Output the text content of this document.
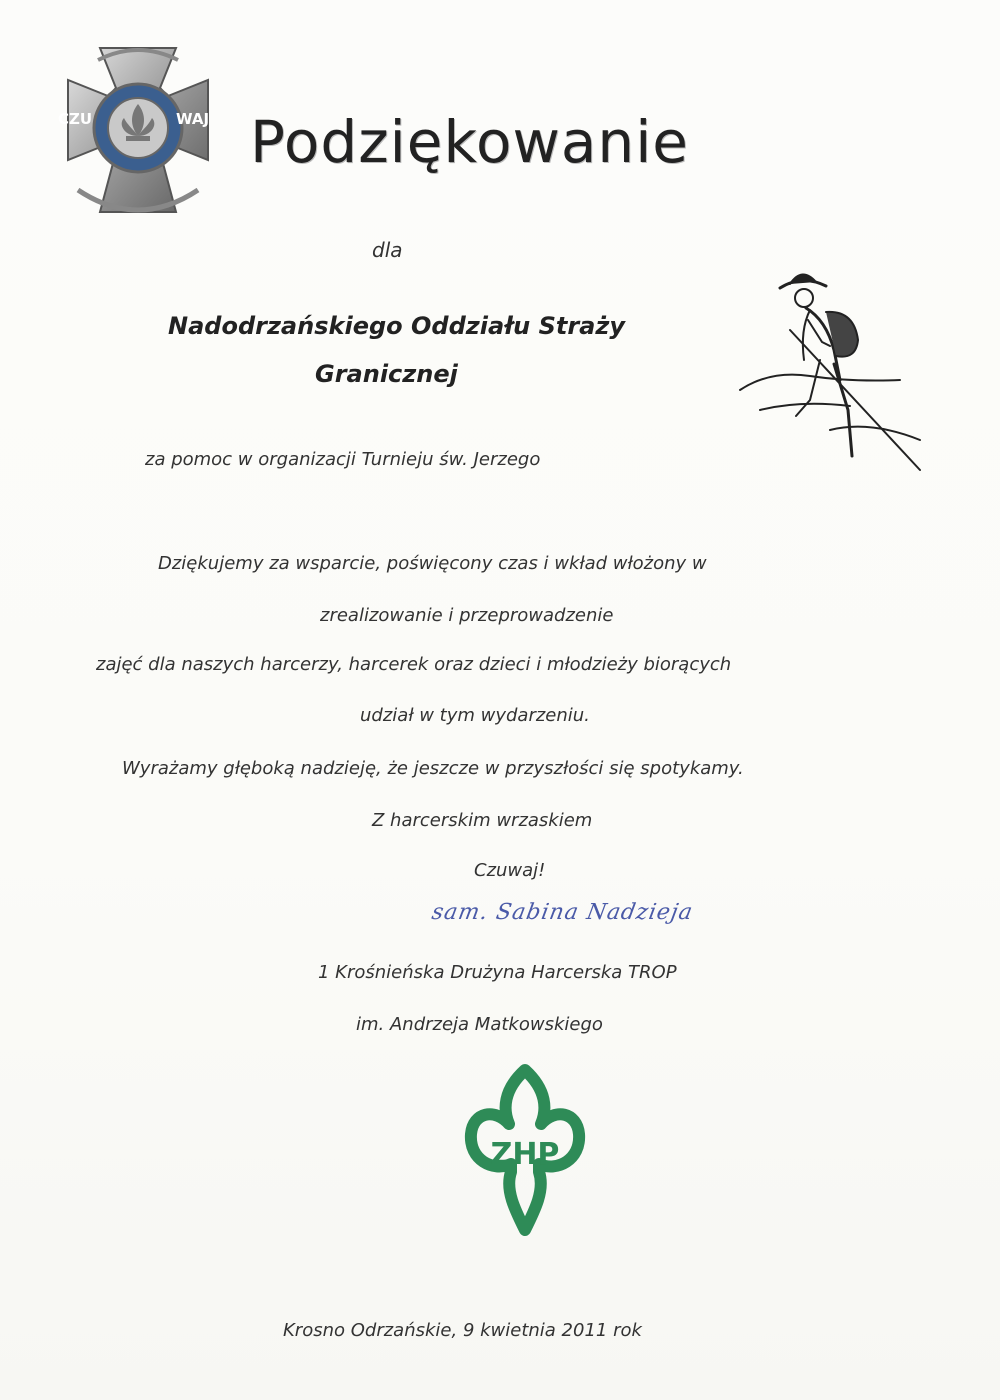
CZU	WAJ Podziękowanie
dla
Nadodrzańskiego Oddziału Straży
Granicznej
za pomoc w organizacji Turnieju św. Jerzego
Dziękujemy za wsparcie, poświęcony czas i wkład włożony w
zrealizowanie i przeprowadzenie
zajęć dla naszych harcerzy, harcerek oraz dzieci i młodzieży biorących
udział w tym wydarzeniu.
Wyrażamy głęboką nadzieję, że jeszcze w przyszłości się spotykamy.
Z harcerskim wrzaskiem
Czuwaj!
sam. Sabina Nadzieja
1 Krośnieńska Drużyna Harcerska TROP
im. Andrzeja Matkowskiego
ZHP
Krosno Odrzańskie, 9 kwietnia 2011 rok
